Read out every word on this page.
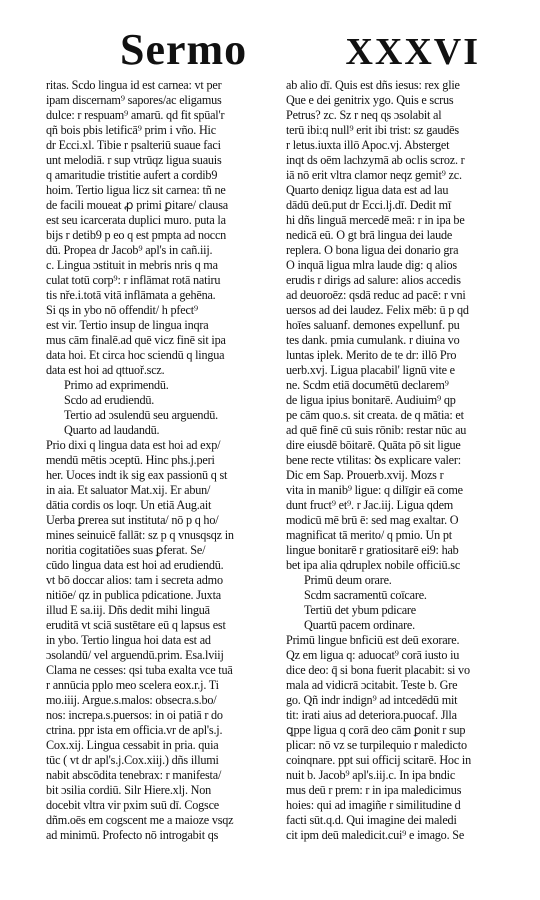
Sermo	XXXVI
ritas. Scdo lingua id est carnea: vt per
ipam discernam⁹ sapores/ac eligamus
dulce: r respuam⁹ amarū. qd fit spūal'r
qñ bois pbis letificā⁹ prim i vño. Hic
dr Ecci.xl. Tibie r psalteriū suaue faci
unt melodiā. r sup vtrūqz ligua suauis
q amaritudie tristitie aufert a cordib9
hoim. Tertio ligua licz sit carnea: tñ ne
de facili moueat ꝓ primi ꝑitare/ clausa
est seu icarcerata duplici muro. puta la
bijs r detib9 p eo q est pmpta ad noccn
dū. Propea dr Jacob⁹ apl's in cañ.iij.
c. Lingua ɔstituit in mebris nris q ma
culat totū corp⁹: r inflāmat rotā natiru
tis nře.i.totā vitā inflāmata a gehēna.
Si ɋs in ybo nō offendit/ h pfect⁹
est vir. Tertio insup de lingua inqra
mus cām finalē.ad quē vicz finē sit ipa
data hoi. Et circa hoc sciendū q lingua
data est hoi ad qttuoř.scz.
Primo ad exprimendū.
Scdo ad erudiendū.
Tertio ad ɔsulendū seu arguendū.
Quarto ad laudandū.
Prio dixi q lingua data est hoi ad exp/
mendū mētis ɔceptū. Hinc phs.j.peri
her. Uoces indt ik sig eax passionū q st
in aia. Et saluator Mat.xij. Er abun/
dātia cordis os loqr. Un etiā Aug.ait
Uerba ꝑrerea sut instituta/ nō p q ho/
mines seinuicē fallāt: sz p q vnusqsqz in
noritia cogitatiões suas ꝑferat. Se/
cūdo lingua data est hoi ad erudiendū.
vt bō doccar alios: tam i secreta admo
nitiōe/ qz in publica pdicatione. Juxta
illud E sa.iij. Dñs dedit mihi linguā
eruditā vt sciā sustētare eū q lapsus est
in ybo. Tertio lingua hoi data est ad
ɔsolandū/ vel arguendū.prim. Esa.lviij
Clama ne cesses: qsi tuba exalta vce tuā
r annūcia pplo meo scelera eox.r.j. Ti
mo.iiij. Argue.s.malos: obsecra.s.bo/
nos: increpa.s.puersos: in oi patiā r do
ctrina. ppr ista em officia.vr de apl's.j.
Cox.xij. Lingua cessabit in pria. quia
tūc ( vt dr apl's.j.Cox.xiij.) dñs illumi
nabit abscōdita tenebrax: r manifesta/
bit ɔsilia cordiū. Silr Hiere.xlj. Non
docebit vltra vir pxim suū dī. Cogsce
dñm.oēs em cogscent me a maioze vsqz
ad minimū. Profecto nō introgabit qs
ab alio dī. Quis est dñs iesus: rex glie
Que e dei genitrix ygo. Quis e scrus
Petrus? zc. Sz r neq ɋs ɔsolabit al
terū ibi:q null⁹ erit ibi trist: sz gaudēs
r letus.iuxta illō Apoc.vj. Absterget
inqt ds oēm lachzymā ab oclis scroz. r
iā nō erit vltra clamor neqz gemit⁹ zc.
Quarto deniqz ligua data est ad lau
dādū deū.put dr Ecci.lj.dī. Dedit mī
hi dñs linguā mercedē meā: r in ipa be
nedicā eū. O gt brā lingua dei laude
replera. O bona ligua dei donario gra
O inquā ligua mlra laude dig: q alios
erudis r dirigs ad salure: alios accedis
ad deuoroēz: qsdā reduc ad pacē: r vni
uersos ad dei laudez. Felix mēb: ū p qd
hoīes saluanf. demones expellunf. pu
tes dank. pmia cumulank. r diuina vo
luntas iplek. Merito de te dr: illō Pro
uerb.xvj. Ligua placabil' lignū vite e
ne. Scdm etiā documētū declarem⁹
de ligua ipius bonitarē. Audiuim⁹ qp
pe cām quo.s. sit creata. de q mātia: et
ad quē finē cū suis rōnib: restar nūc au
dire eiusdē bōitarē. Quāta pō sit ligue
bene recte vtilitas: ꝺs explicare valer:
Dic em Sap. Prouerb.xvij. Mozs r
vita in manib⁹ ligue: q dilīgir eā come
dunt fruct⁹ et⁹. r Jac.iij. Ligua qdem
modicū mē brū ē: sed mag exaltar. O
magnificat tā merito/ q pmio. Un pt
lingue bonitarē r gratiositarē ei9: hab
bet ipa alia ɋdruplex nobile officiū.sc
Primū deum orare.
Scdm sacramentū coīcare.
Tertiū det ybum pdicare
Quartū pacem ordinare.
Primū lingue bnficiū est deū exorare.
Qz em ligua q: aduocat⁹ corā iusto iu
dice deo: q̄ si bona fuerit placabit: si vo
mala ad vidicrā ɔcitabit. Teste b. Gre
go. Qñ indr indign⁹ ad intcedēdū mit
tit: irati aius ad deteriora.puocaf. Jlla
ꝗppe ligua q corā deo cām ꝑonit r sup
plicar: nō vz se turpilequio r maledicto
coinqnare. ppt sui officij scitarē. Hoc in
nuit b. Jacob⁹ apl's.iij.c. In ipa bndic
mus deū r prem: r in ipa maledicimus
hoies: qui ad imagiñe r similitudine d
facti sūt.q.d. Qui imagine dei maledi
cit ipm deū maledicit.cui⁹ e imago. Se
